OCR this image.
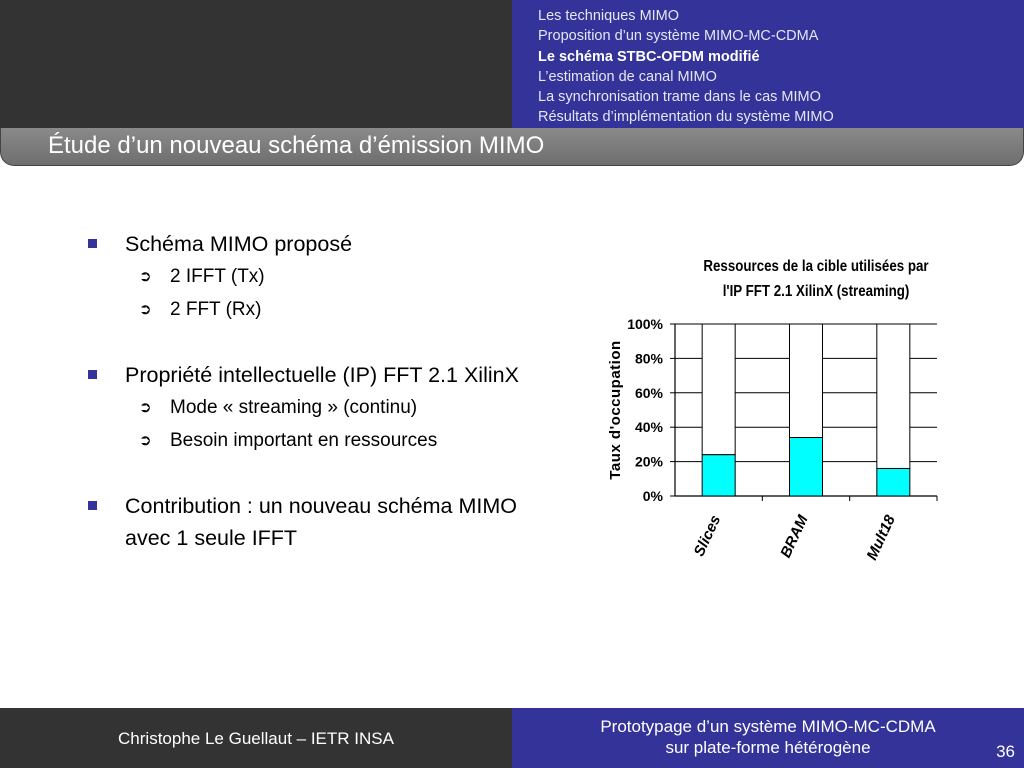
Les techniques MIMO
Proposition d’un système MIMO-MC-CDMA
Le schéma STBC-OFDM modifié
L’estimation de canal MIMO
La synchronisation trame dans le cas MIMO
Résultats d’implémentation du système MIMO
Étude d’un nouveau schéma d’émission MIMO
Schéma MIMO proposé
➲ 2 IFFT (Tx)
➲ 2 FFT (Rx)
Propriété intellectuelle (IP) FFT 2.1 XilinX
➲ Mode « streaming » (continu)
➲ Besoin important en ressources
Contribution : un nouveau schéma MIMO avec 1 seule IFFT
Ressources de la cible utilisées par
l'IP FFT 2.1 XilinX (streaming)
0%
20%
40%
60%
80%
100%
Slices	BRAM	Mult18
Taux d'occupation
Christophe Le Guellaut – IETR INSA
Prototypage d’un système MIMO-MC-CDMA
sur plate-forme hétérogène	36
